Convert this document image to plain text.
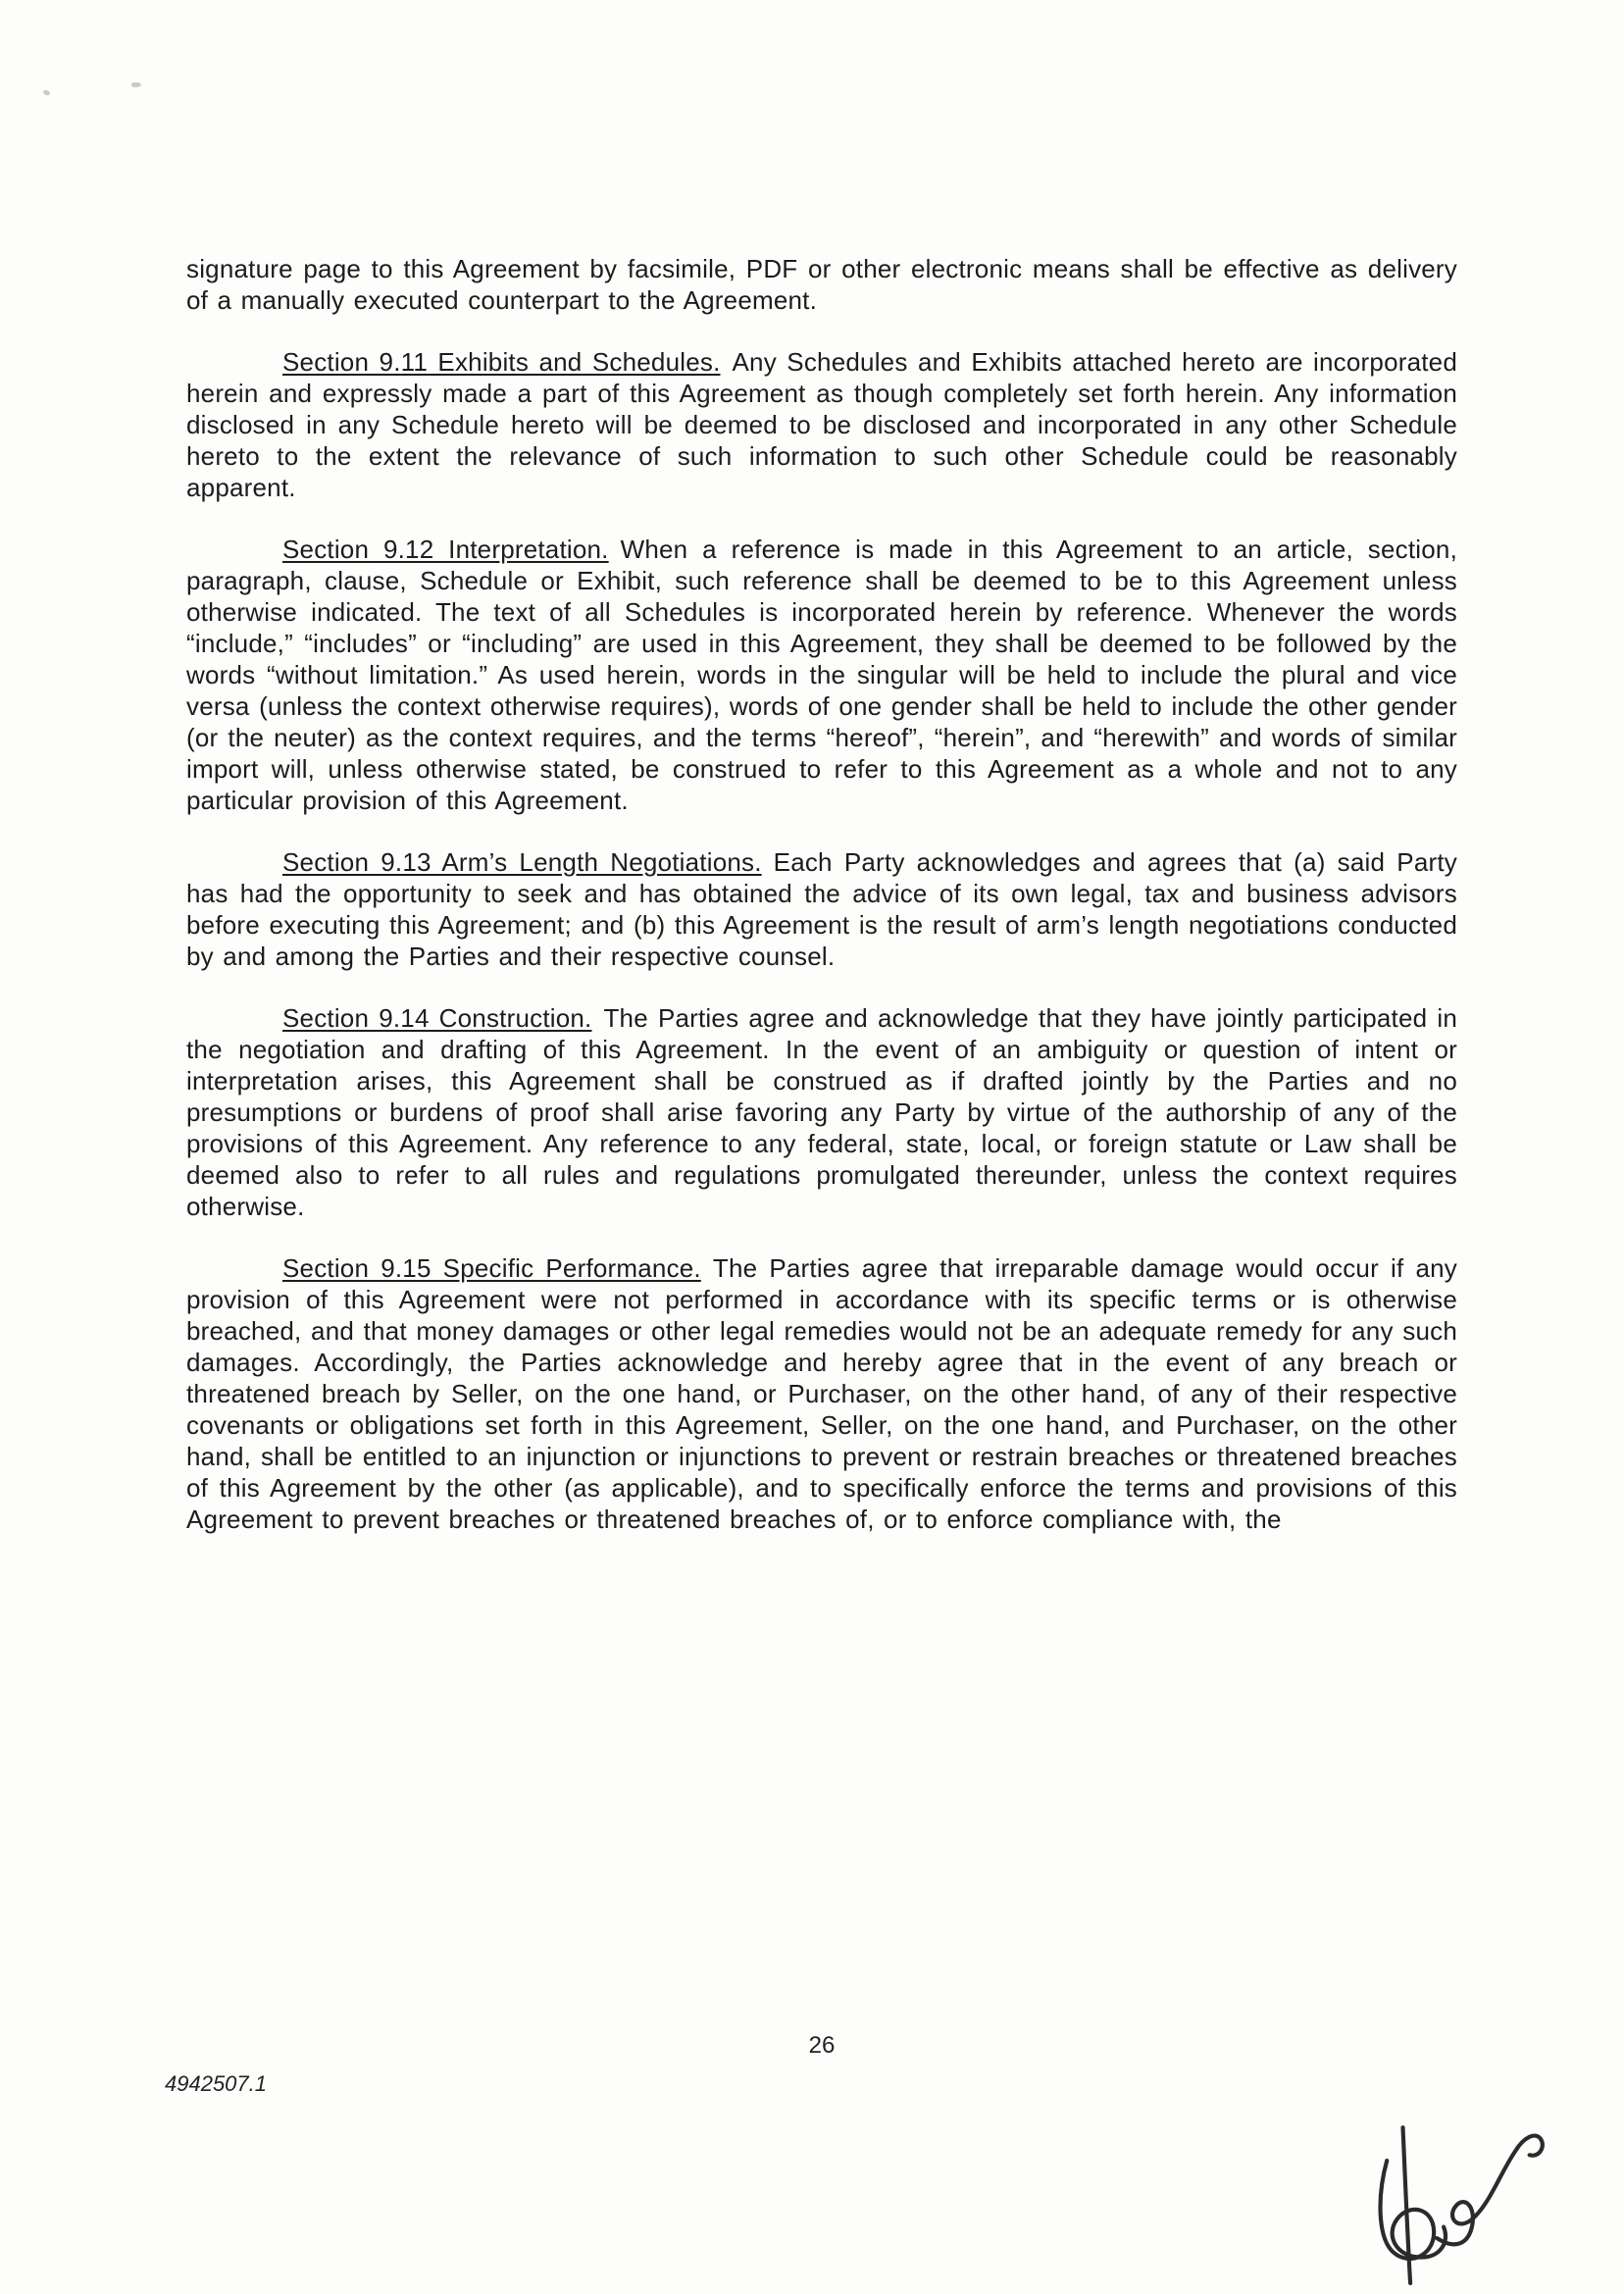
signature page to this Agreement by facsimile, PDF or other electronic means shall be effective as delivery of a manually executed counterpart to the Agreement.

Section 9.11 Exhibits and Schedules. Any Schedules and Exhibits attached hereto are incorporated herein and expressly made a part of this Agreement as though completely set forth herein. Any information disclosed in any Schedule hereto will be deemed to be disclosed and incorporated in any other Schedule hereto to the extent the relevance of such information to such other Schedule could be reasonably apparent.

Section 9.12 Interpretation. When a reference is made in this Agreement to an article, section, paragraph, clause, Schedule or Exhibit, such reference shall be deemed to be to this Agreement unless otherwise indicated. The text of all Schedules is incorporated herein by reference. Whenever the words “include,” “includes” or “including” are used in this Agreement, they shall be deemed to be followed by the words “without limitation.” As used herein, words in the singular will be held to include the plural and vice versa (unless the context otherwise requires), words of one gender shall be held to include the other gender (or the neuter) as the context requires, and the terms “hereof”, “herein”, and “herewith” and words of similar import will, unless otherwise stated, be construed to refer to this Agreement as a whole and not to any particular provision of this Agreement.

Section 9.13 Arm’s Length Negotiations. Each Party acknowledges and agrees that (a) said Party has had the opportunity to seek and has obtained the advice of its own legal, tax and business advisors before executing this Agreement; and (b) this Agreement is the result of arm’s length negotiations conducted by and among the Parties and their respective counsel.

Section 9.14 Construction. The Parties agree and acknowledge that they have jointly participated in the negotiation and drafting of this Agreement. In the event of an ambiguity or question of intent or interpretation arises, this Agreement shall be construed as if drafted jointly by the Parties and no presumptions or burdens of proof shall arise favoring any Party by virtue of the authorship of any of the provisions of this Agreement. Any reference to any federal, state, local, or foreign statute or Law shall be deemed also to refer to all rules and regulations promulgated thereunder, unless the context requires otherwise.

Section 9.15 Specific Performance. The Parties agree that irreparable damage would occur if any provision of this Agreement were not performed in accordance with its specific terms or is otherwise breached, and that money damages or other legal remedies would not be an adequate remedy for any such damages. Accordingly, the Parties acknowledge and hereby agree that in the event of any breach or threatened breach by Seller, on the one hand, or Purchaser, on the other hand, of any of their respective covenants or obligations set forth in this Agreement, Seller, on the one hand, and Purchaser, on the other hand, shall be entitled to an injunction or injunctions to prevent or restrain breaches or threatened breaches of this Agreement by the other (as applicable), and to specifically enforce the terms and provisions of this Agreement to prevent breaches or threatened breaches of, or to enforce compliance with, the

26
4942507.1
